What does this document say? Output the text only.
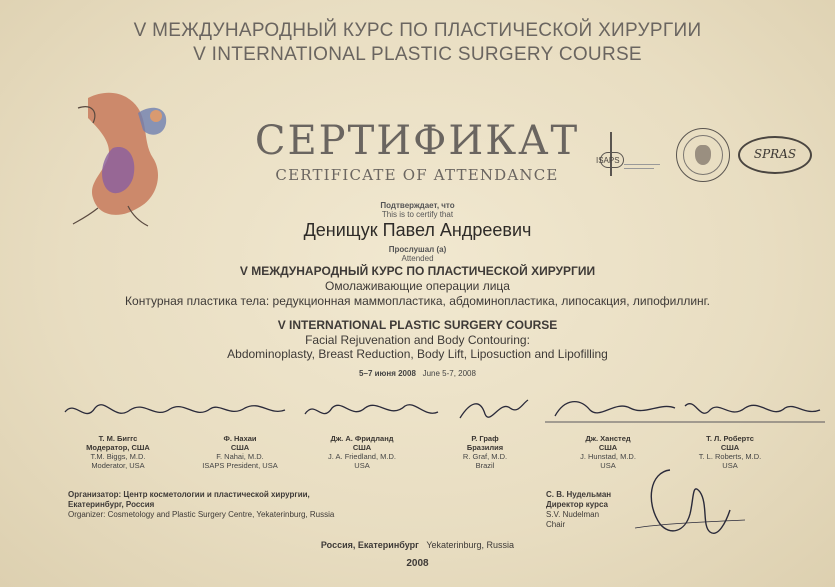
V МЕЖДУНАРОДНЫЙ КУРС ПО ПЛАСТИЧЕСКОЙ ХИРУРГИИ
V INTERNATIONAL PLASTIC SURGERY COURSE
СЕРТИФИКАТ
CERTIFICATE OF ATTENDANCE
ISAPS	SPRAS
Подтверждает, что
This is to certify that
Денищук Павел Андреевич
Прослушал (а)
Attended
V МЕЖДУНАРОДНЫЙ КУРС ПО ПЛАСТИЧЕСКОЙ ХИРУРГИИ
Омолаживающие операции лица
Контурная пластика тела: редукционная маммопластика, абдоминопластика, липосакция, липофиллинг.
V INTERNATIONAL PLASTIC SURGERY COURSE
Facial Rejuvenation and Body Contouring:
Abdominoplasty, Breast Reduction, Body Lift, Liposuction and Lipofilling
5–7 июня 2008 June 5-7, 2008
Т. М. Биггс
Модератор, США
T.M. Biggs, M.D.
Moderator, USA
Ф. Нахаи
США
F. Nahai, M.D.
ISAPS President, USA
Дж. А. Фридланд
США
J. A. Friedland, M.D.
USA
Р. Граф
Бразилия
R. Graf, M.D.
Brazil
Дж. Ханстед
США
J. Hunstad, M.D.
USA
Т. Л. Робертс
США
T. L. Roberts, M.D.
USA
Организатор: Центр косметологии и пластической хирургии,
Екатеринбург, Россия
Organizer: Cosmetology and Plastic Surgery Centre, Yekaterinburg, Russia
С. В. Нудельман
Директор курса
S.V. Nudelman
Chair
Россия, Екатеринбург Yekaterinburg, Russia
2008
